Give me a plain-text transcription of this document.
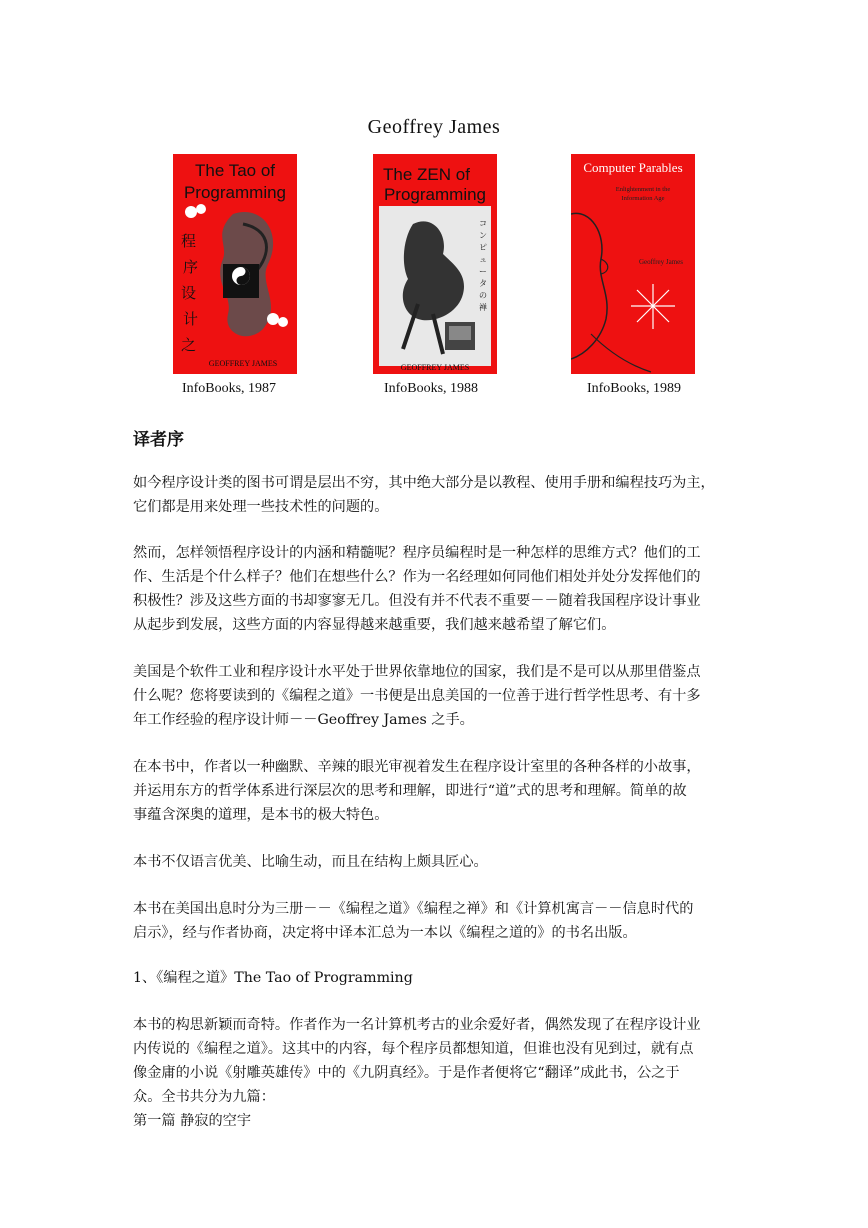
Geoffrey James
The Tao of
Programming
程序设计之
GEOFFREY JAMES
InfoBooks, 1987
The ZEN of
Programming
コンピュータの禅
GEOFFREY JAMES
InfoBooks, 1988
Computer Parables
Enlightenment in the
Information Age
Geoffrey James
InfoBooks, 1989
译者序

如今程序设计类的图书可谓是层出不穷，其中绝大部分是以教程、使用手册和编程技巧为主，
它们都是用来处理一些技术性的问题的。

然而，怎样领悟程序设计的内涵和精髓呢？程序员编程时是一种怎样的思维方式？他们的工
作、生活是个什么样子？他们在想些什么？作为一名经理如何同他们相处并处分发挥他们的
积极性？涉及这些方面的书却寥寥无几。但没有并不代表不重要－－随着我国程序设计事业
从起步到发展，这些方面的内容显得越来越重要，我们越来越希望了解它们。

美国是个软件工业和程序设计水平处于世界依靠地位的国家，我们是不是可以从那里借鉴点
什么呢？您将要读到的《编程之道》一书便是出息美国的一位善于进行哲学性思考、有十多
年工作经验的程序设计师－－Geoffrey James 之手。

在本书中，作者以一种幽默、辛辣的眼光审视着发生在程序设计室里的各种各样的小故事，
并运用东方的哲学体系进行深层次的思考和理解，即进行“道”式的思考和理解。简单的故
事蕴含深奥的道理，是本书的极大特色。

本书不仅语言优美、比喻生动，而且在结构上颇具匠心。

本书在美国出息时分为三册－－《编程之道》《编程之禅》和《计算机寓言－－信息时代的
启示》，经与作者协商，决定将中译本汇总为一本以《编程之道的》的书名出版。

1、《编程之道》The Tao of Programming

本书的构思新颖而奇特。作者作为一名计算机考古的业余爱好者，偶然发现了在程序设计业
内传说的《编程之道》。这其中的内容，每个程序员都想知道，但谁也没有见到过，就有点
像金庸的小说《射雕英雄传》中的《九阴真经》。于是作者便将它“翻译”成此书，公之于
众。全书共分为九篇：
第一篇 静寂的空宇
